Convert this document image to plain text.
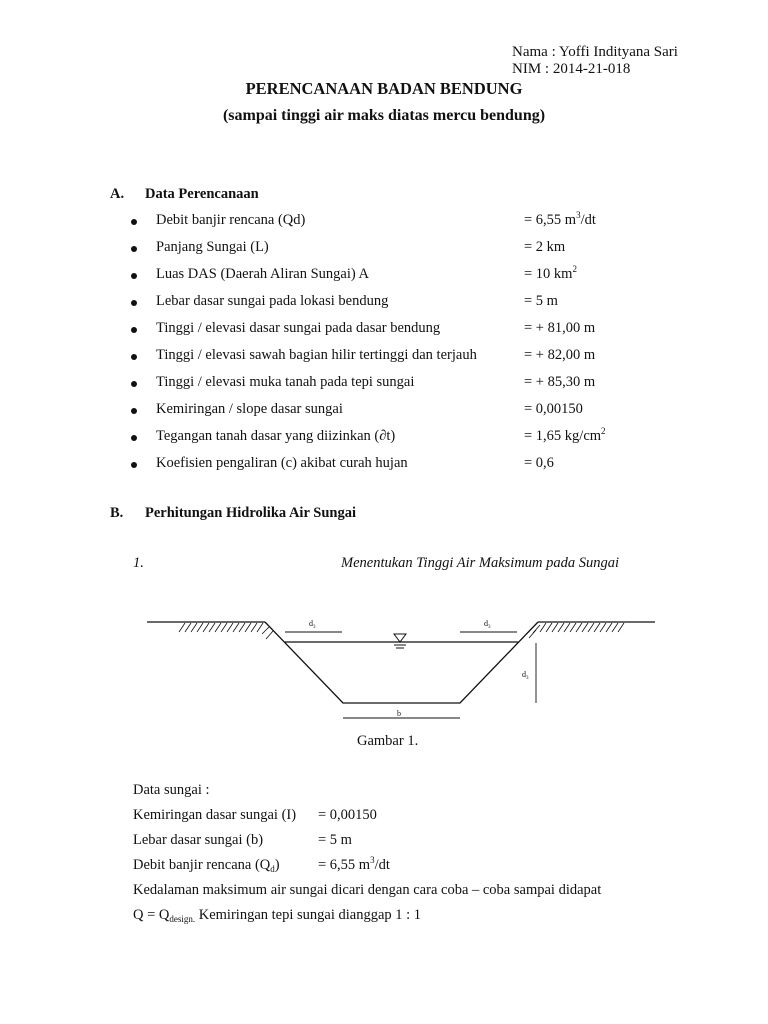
Nama : Yoffi Indityana Sari
NIM : 2014-21-018
PERENCANAAN BADAN BENDUNG
(sampai tinggi air maks diatas mercu bendung)
A. Data Perencanaan
Debit banjir rencana (Qd)	= 6,55 $m^3/dt$
Panjang Sungai (L)	= 2 km
Luas DAS (Daerah Aliran Sungai) A	= 10 $km^2$
Lebar dasar sungai pada lokasi bendung	= 5 m
Tinggi / elevasi dasar sungai pada dasar bendung	= + 81,00 m
Tinggi / elevasi sawah bagian hilir tertinggi dan terjauh	= + 82,00 m
Tinggi / elevasi muka tanah pada tepi sungai	= + 85,30 m
Kemiringan / slope dasar sungai	= 0,00150
Tegangan tanah dasar yang diizinkan (∂t)	= 1,65 $kg/cm^2$
Koefisien pengaliran (c) akibat curah hujan	= 0,6
B. Perhitungan Hidrolika Air Sungai
1.	Menentukan Tinggi Air Maksimum pada Sungai
$d_3$	$d_3$
$d_3$
b
Gambar 1.
Data sungai :
Kemiringan dasar sungai (I) = 0,00150
Lebar dasar sungai (b)	= 5 m
Debit banjir rencana $(Q_d)$	= 6,55 $m^3/dt$
Kedalaman maksimum air sungai dicari dengan cara coba – coba sampai didapat
$Q = Q_{design.}$ Kemiringan tepi sungai dianggap 1 : 1
